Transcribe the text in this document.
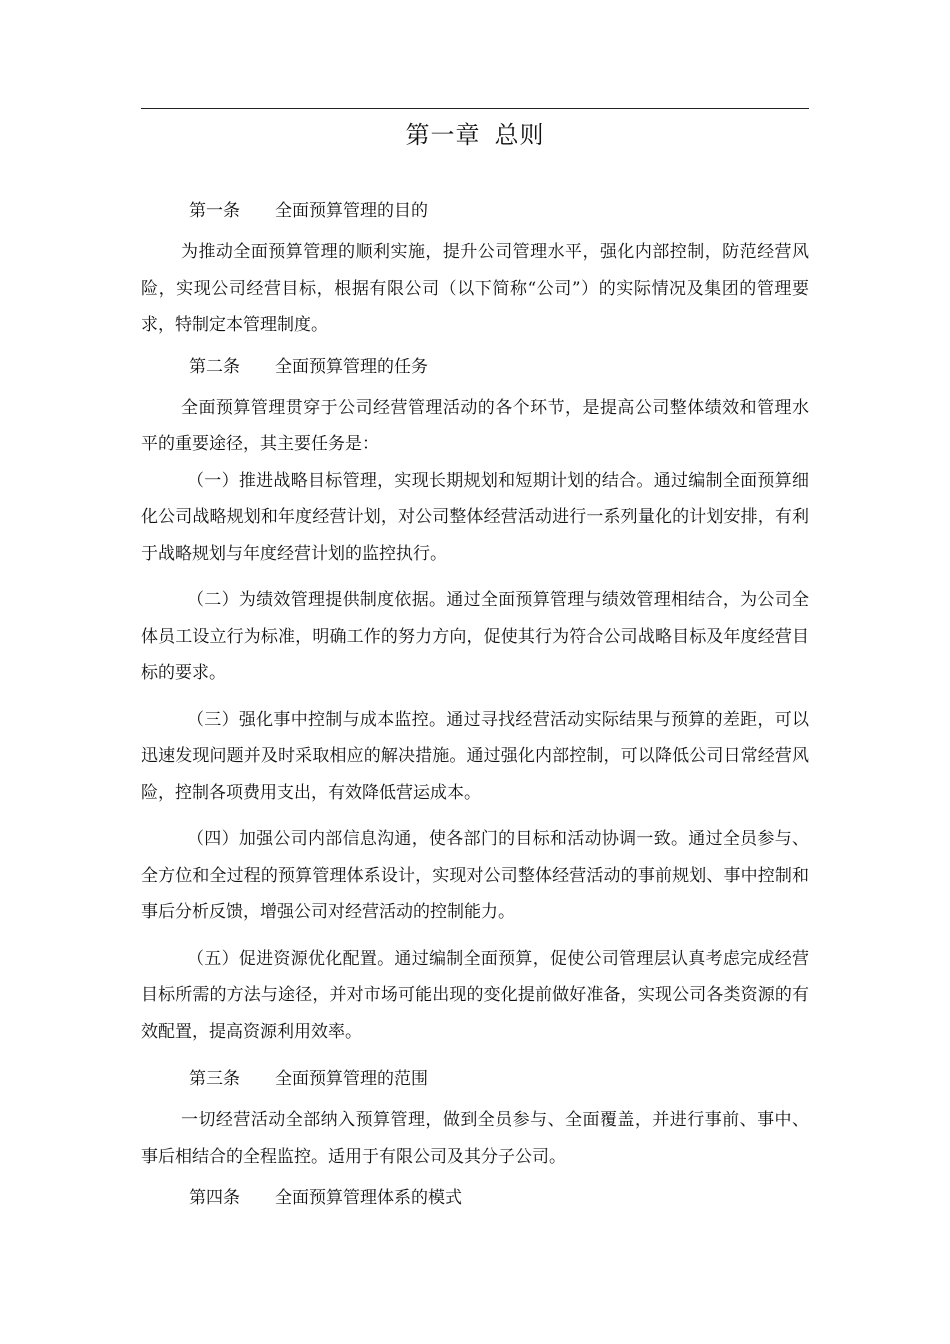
第一章 总则

第一条 全面预算管理的目的

为推动全面预算管理的顺利实施，提升公司管理水平，强化内部控制，防范经营风险，实现公司经营目标，根据有限公司（以下简称“公司”）的实际情况及集团的管理要求，特制定本管理制度。

第二条 全面预算管理的任务

全面预算管理贯穿于公司经营管理活动的各个环节，是提高公司整体绩效和管理水平的重要途径，其主要任务是：

（一）推进战略目标管理，实现长期规划和短期计划的结合。通过编制全面预算细化公司战略规划和年度经营计划，对公司整体经营活动进行一系列量化的计划安排，有利于战略规划与年度经营计划的监控执行。

（二）为绩效管理提供制度依据。通过全面预算管理与绩效管理相结合，为公司全体员工设立行为标准，明确工作的努力方向，促使其行为符合公司战略目标及年度经营目标的要求。

（三）强化事中控制与成本监控。通过寻找经营活动实际结果与预算的差距，可以迅速发现问题并及时采取相应的解决措施。通过强化内部控制，可以降低公司日常经营风险，控制各项费用支出，有效降低营运成本。

（四）加强公司内部信息沟通，使各部门的目标和活动协调一致。通过全员参与、全方位和全过程的预算管理体系设计，实现对公司整体经营活动的事前规划、事中控制和事后分析反馈，增强公司对经营活动的控制能力。

（五）促进资源优化配置。通过编制全面预算，促使公司管理层认真考虑完成经营目标所需的方法与途径，并对市场可能出现的变化提前做好准备，实现公司各类资源的有效配置，提高资源利用效率。

第三条 全面预算管理的范围

一切经营活动全部纳入预算管理，做到全员参与、全面覆盖，并进行事前、事中、事后相结合的全程监控。适用于有限公司及其分子公司。

第四条 全面预算管理体系的模式
